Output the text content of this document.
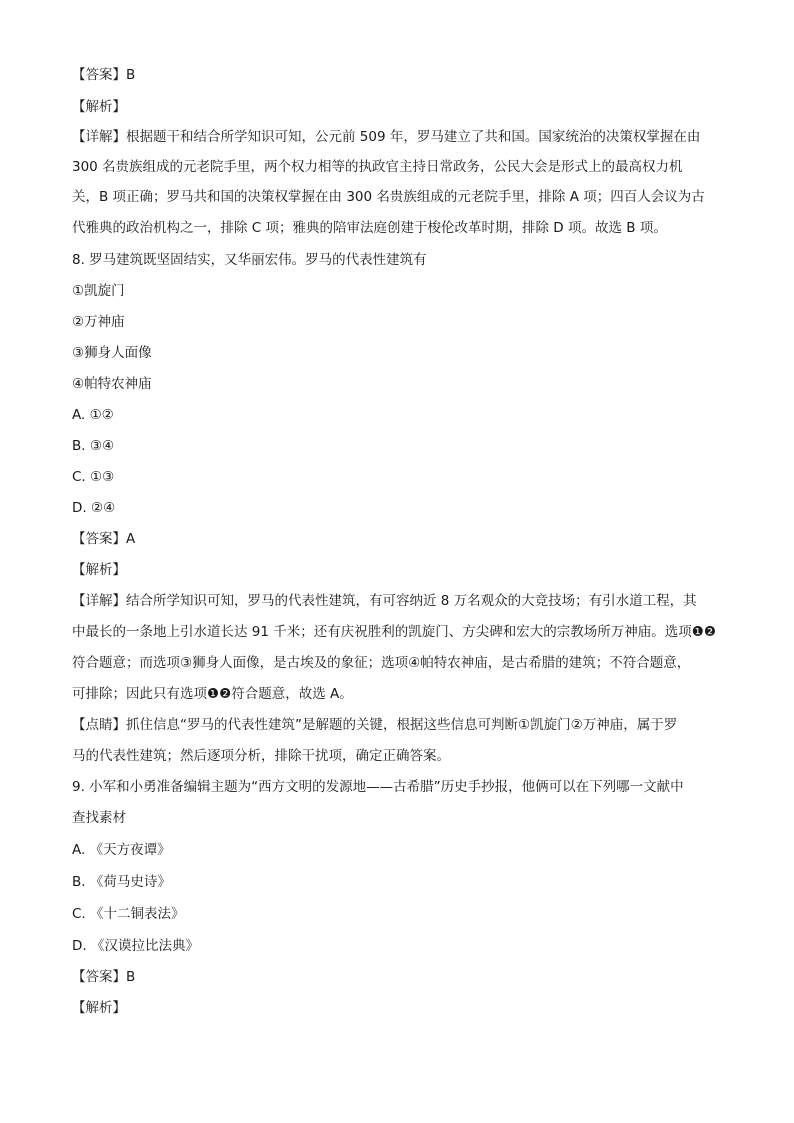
【答案】B
【解析】
【详解】根据题干和结合所学知识可知，公元前 509 年，罗马建立了共和国。国家统治的决策权掌握在由
300 名贵族组成的元老院手里，两个权力相等的执政官主持日常政务，公民大会是形式上的最高权力机
关，B 项正确；罗马共和国的决策权掌握在由 300 名贵族组成的元老院手里，排除 A 项；四百人会议为古
代雅典的政治机构之一，排除 C 项；雅典的陪审法庭创建于梭伦改革时期，排除 D 项。故选 B 项。
8. 罗马建筑既坚固结实，又华丽宏伟。罗马的代表性建筑有
①凯旋门
②万神庙
③狮身人面像
④帕特农神庙
A. ①②
B. ③④
C. ①③
D. ②④
【答案】A
【解析】
【详解】结合所学知识可知，罗马的代表性建筑，有可容纳近 8 万名观众的大竞技场；有引水道工程，其
中最长的一条地上引水道长达 91 千米；还有庆祝胜利的凯旋门、方尖碑和宏大的宗教场所万神庙。选项❶❷
符合题意；而选项③狮身人面像，是古埃及的象征；选项④帕特农神庙，是古希腊的建筑；不符合题意，
可排除；因此只有选项❶❷符合题意，故选 A。
【点睛】抓住信息“罗马的代表性建筑”是解题的关键，根据这些信息可判断①凯旋门②万神庙，属于罗
马的代表性建筑；然后逐项分析，排除干扰项，确定正确答案。
9. 小军和小勇准备编辑主题为“西方文明的发源地——古希腊”历史手抄报，他俩可以在下列哪一文献中
查找素材
A. 《天方夜谭》
B. 《荷马史诗》
C. 《十二铜表法》
D. 《汉谟拉比法典》
【答案】B
【解析】
